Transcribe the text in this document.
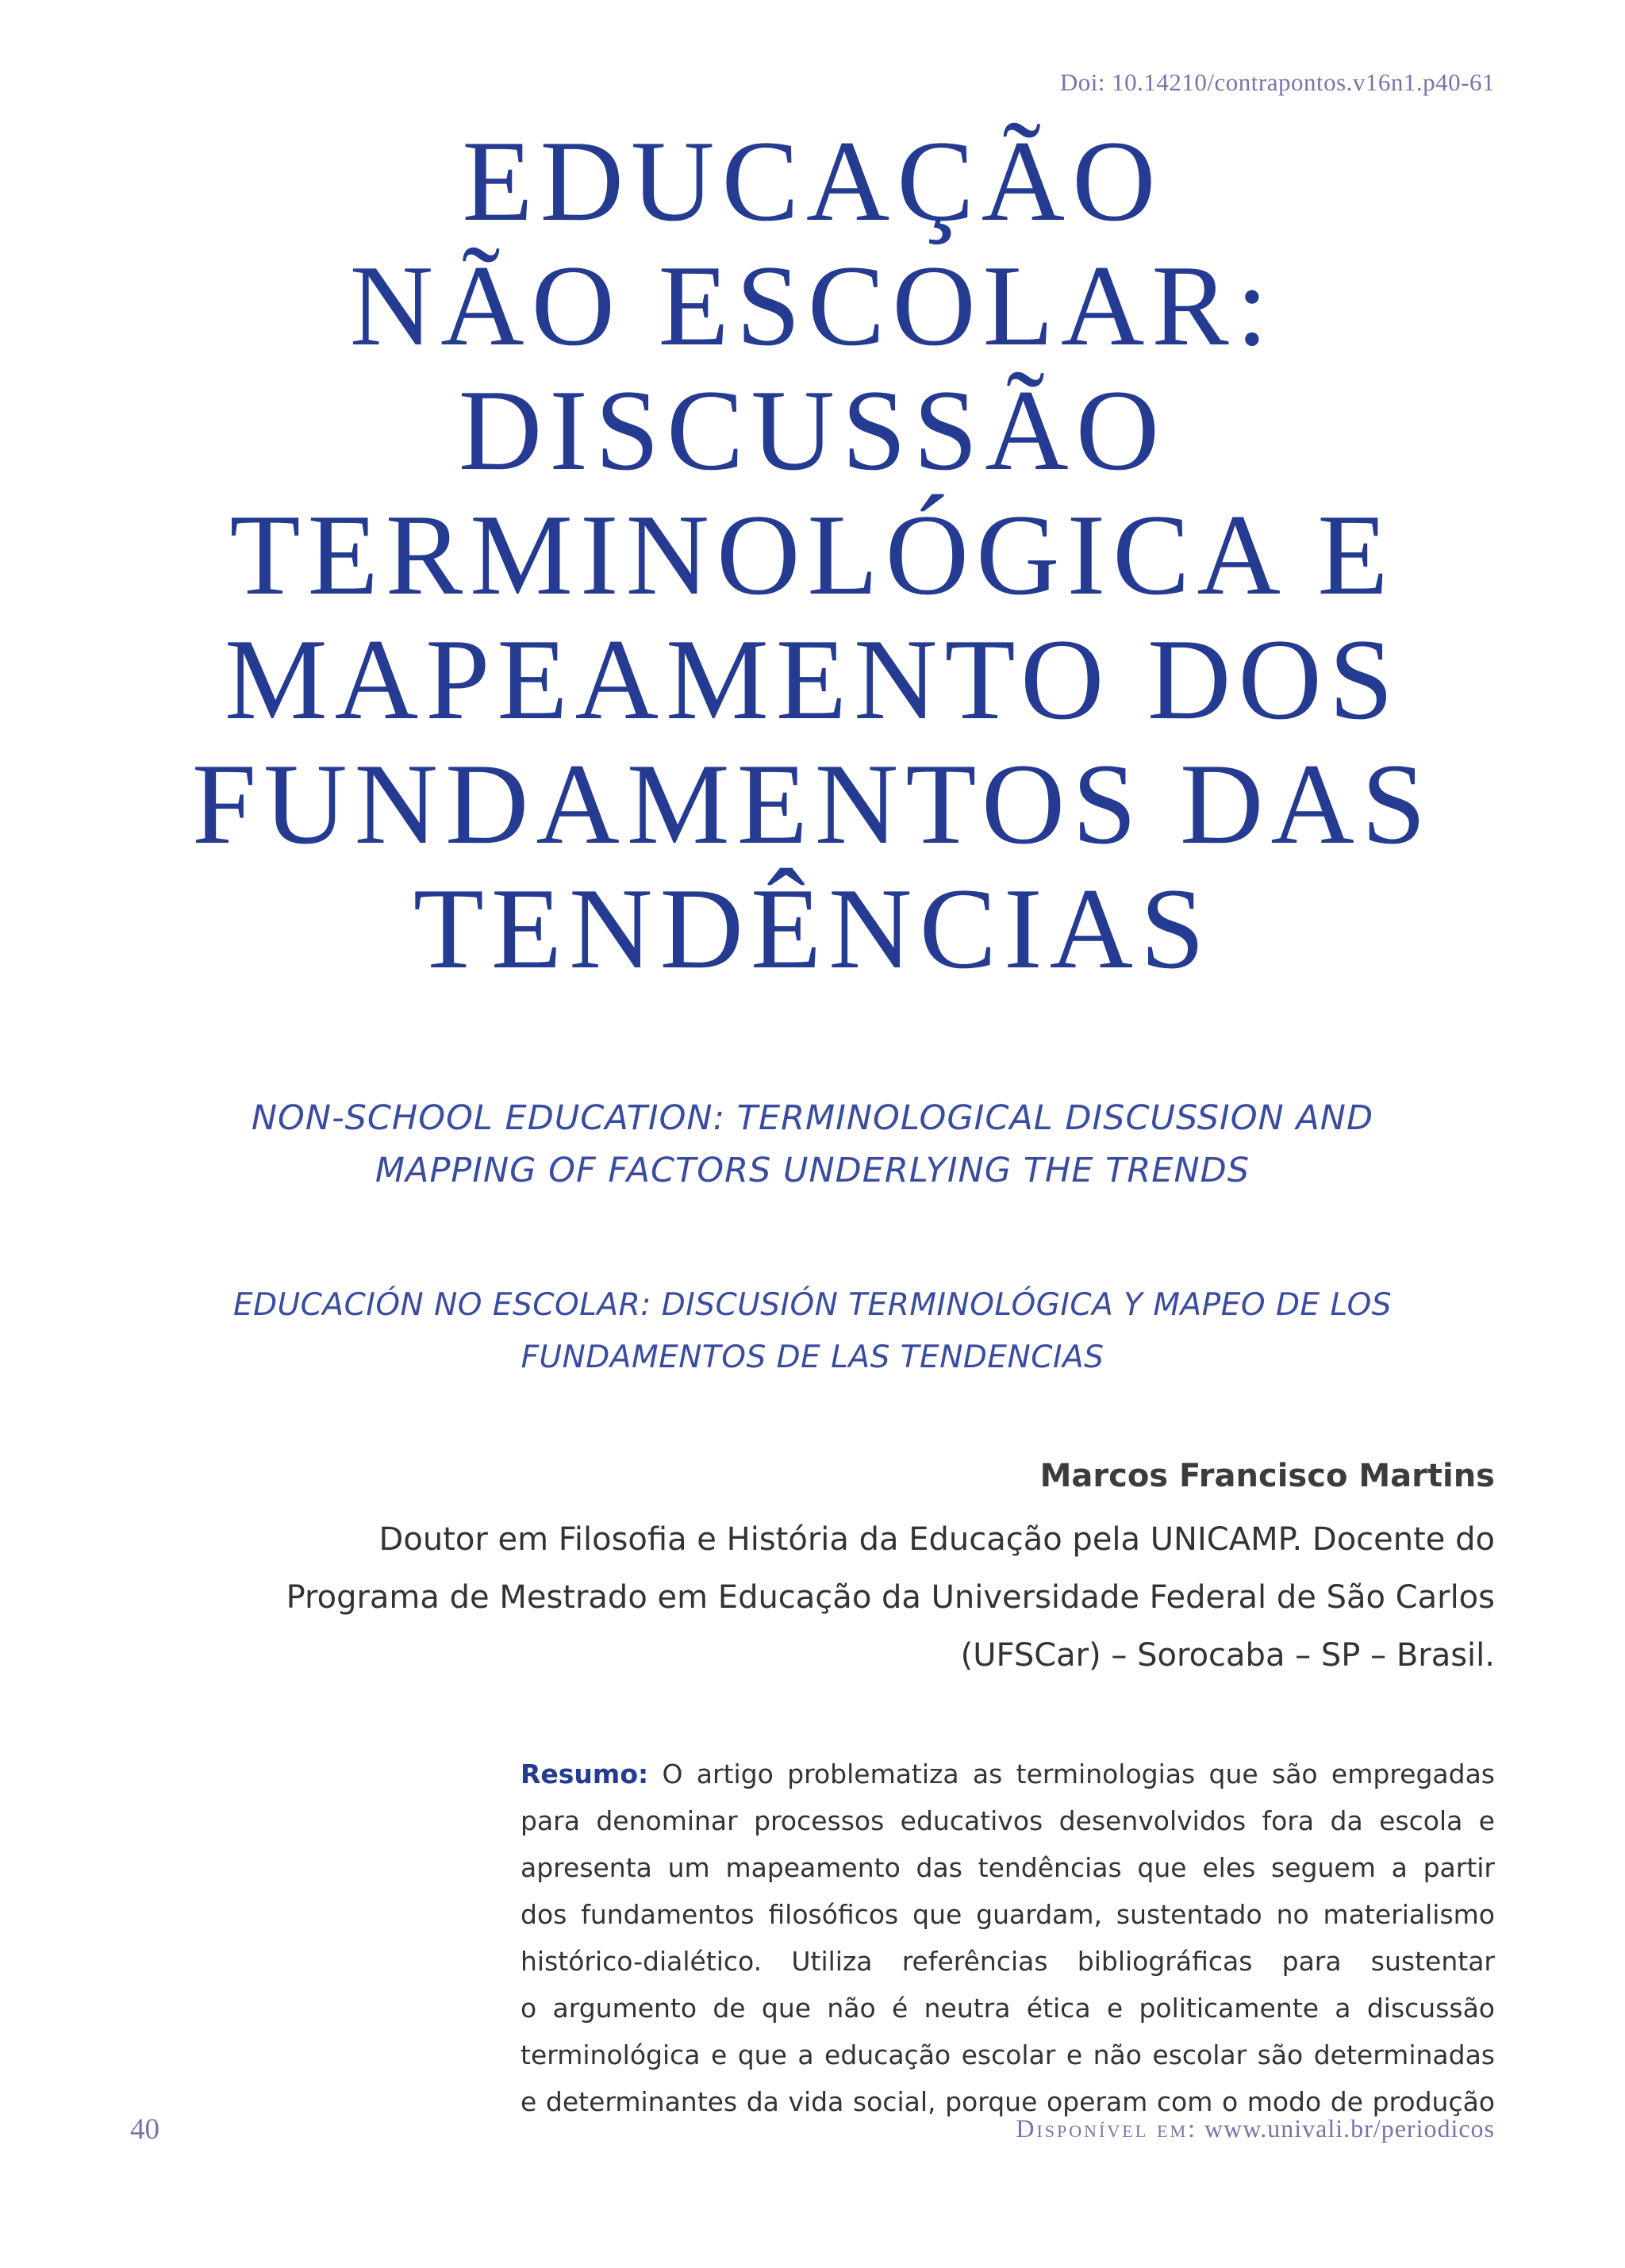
Doi: 10.14210/contrapontos.v16n1.p40-61
EDUCAÇÃO
NÃO ESCOLAR:
DISCUSSÃO
TERMINOLÓGICA E
MAPEAMENTO DOS
FUNDAMENTOS DAS
TENDÊNCIAS
NON-SCHOOL EDUCATION: TERMINOLOGICAL DISCUSSION AND
MAPPING OF FACTORS UNDERLYING THE TRENDS
EDUCACIÓN NO ESCOLAR: DISCUSIÓN TERMINOLÓGICA Y MAPEO DE LOS
FUNDAMENTOS DE LAS TENDENCIAS

Marcos Francisco Martins

Doutor em Filosofia e História da Educação pela UNICAMP. Docente do
Programa de Mestrado em Educação da Universidade Federal de São Carlos
(UFSCar) – Sorocaba – SP – Brasil.

Resumo: O artigo problematiza as terminologias que são empregadas
para denominar processos educativos desenvolvidos fora da escola e
apresenta um mapeamento das tendências que eles seguem a partir
dos fundamentos filosóficos que guardam, sustentado no materialismo
histórico-dialético. Utiliza referências bibliográficas para sustentar
o argumento de que não é neutra ética e politicamente a discussão
terminológica e que a educação escolar e não escolar são determinadas
e determinantes da vida social, porque operam com o modo de produção

40	Disponível em: www.univali.br/periodicos
